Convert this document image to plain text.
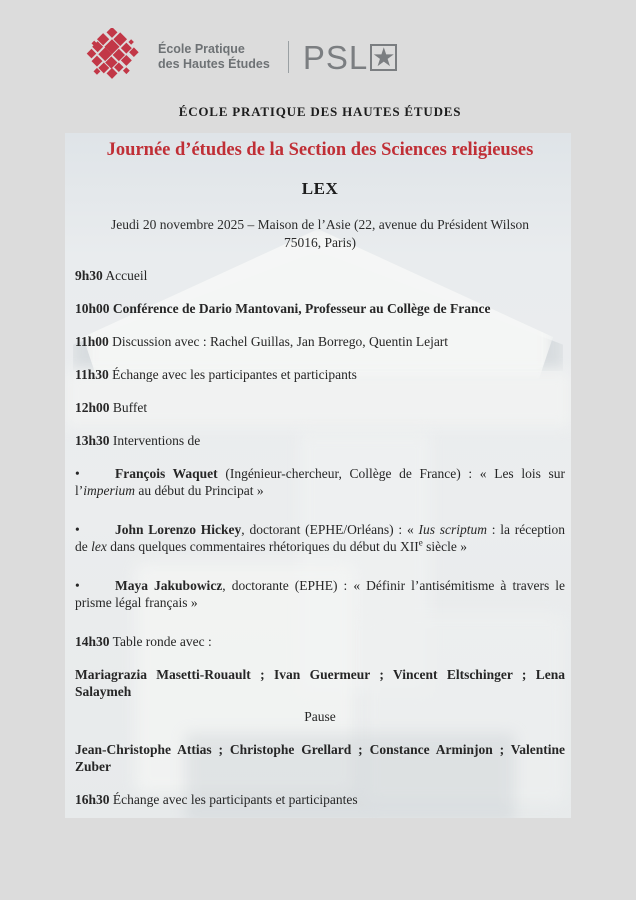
École Pratique
des Hautes Études PSL ★
ÉCOLE PRATIQUE DES HAUTES ÉTUDES
Journée d’études de la Section des Sciences religieuses
LEX
Jeudi 20 novembre 2025 – Maison de l’Asie (22, avenue du Président Wilson
75016, Paris)

9h30 Accueil

10h00 Conférence de Dario Mantovani, Professeur au Collège de France

11h00 Discussion avec : Rachel Guillas, Jan Borrego, Quentin Lejart

11h30 Échange avec les participantes et participants

12h00 Buffet

13h30 Interventions de

•	François Waquet (Ingénieur-chercheur, Collège de France) : « Les lois sur l’imperium au début du Principat »

•	John Lorenzo Hickey, doctorant (EPHE/Orléans) : « Ius scriptum : la réception de lex dans quelques commentaires rhétoriques du début du XIIe siècle »

•	Maya Jakubowicz, doctorante (EPHE) : « Définir l’antisémitisme à travers le prisme légal français »

14h30 Table ronde avec :

Mariagrazia Masetti-Rouault ; Ivan Guermeur ; Vincent Eltschinger ; Lena Salaymeh

Pause

Jean-Christophe Attias ; Christophe Grellard ; Constance Arminjon ; Valentine Zuber

16h30 Échange avec les participants et participantes
